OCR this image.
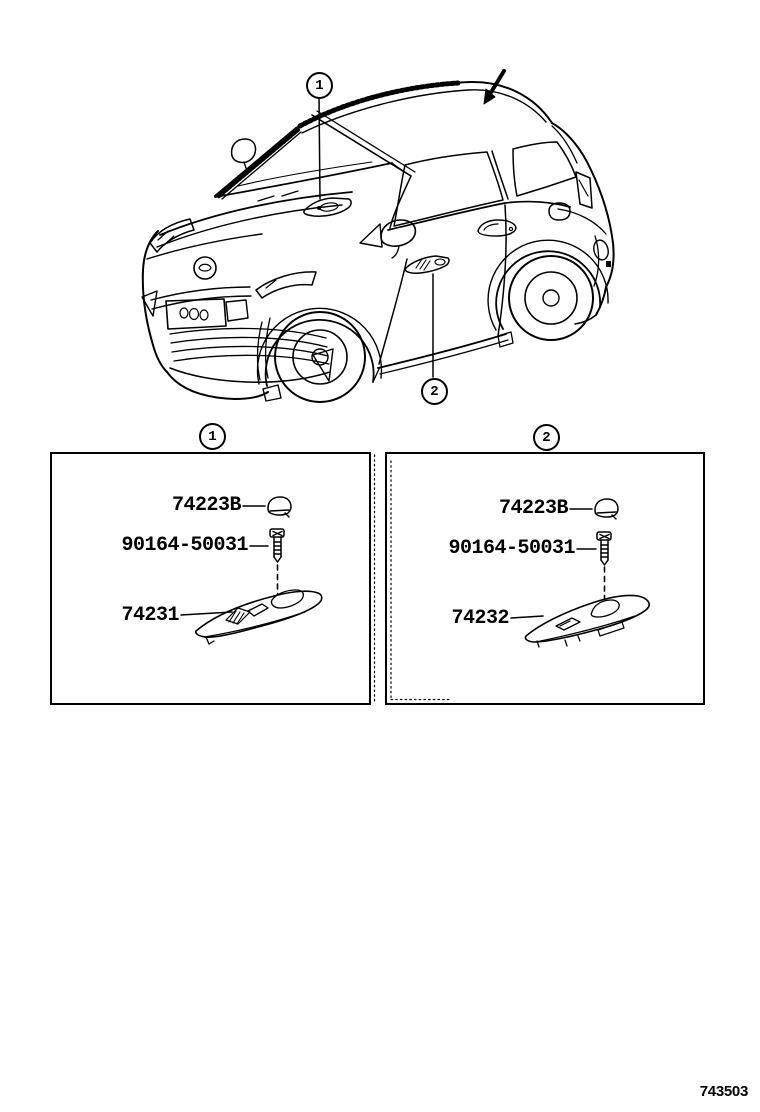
1
2
1	2
74223B
90164-50031
74231
74223B
90164-50031
74232
743503
